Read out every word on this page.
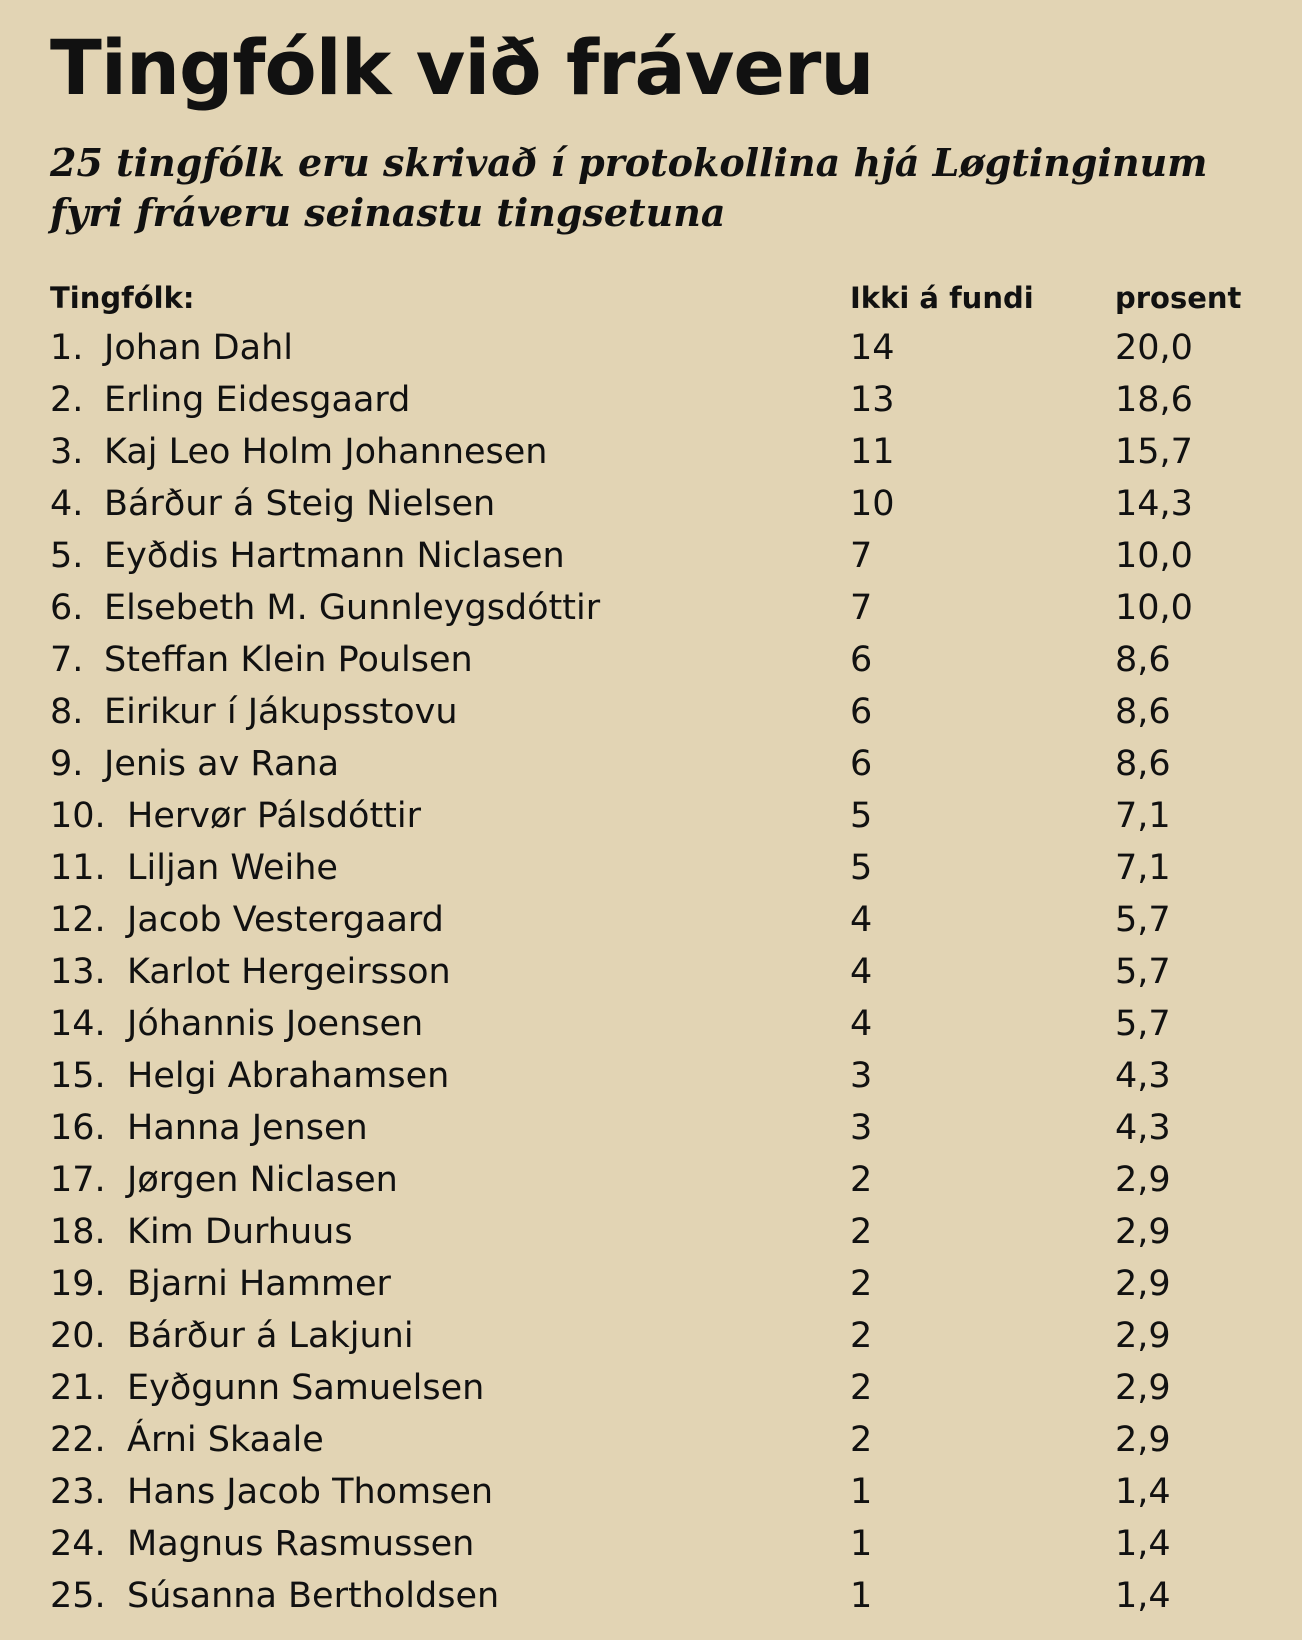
Tingfólk við fráveru

25 tingfólk eru skrivað í protokollina hjá Løgtinginum fyri fráveru seinastu tingsetuna

Tingfólk:	Ikki á fundi	prosent
1. Johan Dahl	14	20,0
2. Erling Eidesgaard	13	18,6
3. Kaj Leo Holm Johannesen	11	15,7
4. Bárður á Steig Nielsen	10	14,3
5. Eyðdis Hartmann Niclasen	7	10,0
6. Elsebeth M. Gunnleygsdóttir	7	10,0
7. Steffan Klein Poulsen	6	8,6
8. Eirikur í Jákupsstovu	6	8,6
9. Jenis av Rana	6	8,6
10. Hervør Pálsdóttir	5	7,1
11. Liljan Weihe	5	7,1
12. Jacob Vestergaard	4	5,7
13. Karlot Hergeirsson	4	5,7
14. Jóhannis Joensen	4	5,7
15. Helgi Abrahamsen	3	4,3
16. Hanna Jensen	3	4,3
17. Jørgen Niclasen	2	2,9
18. Kim Durhuus	2	2,9
19. Bjarni Hammer	2	2,9
20. Bárður á Lakjuni	2	2,9
21. Eyðgunn Samuelsen	2	2,9
22. Árni Skaale	2	2,9
23. Hans Jacob Thomsen	1	1,4
24. Magnus Rasmussen	1	1,4
25. Súsanna Bertholdsen	1	1,4
